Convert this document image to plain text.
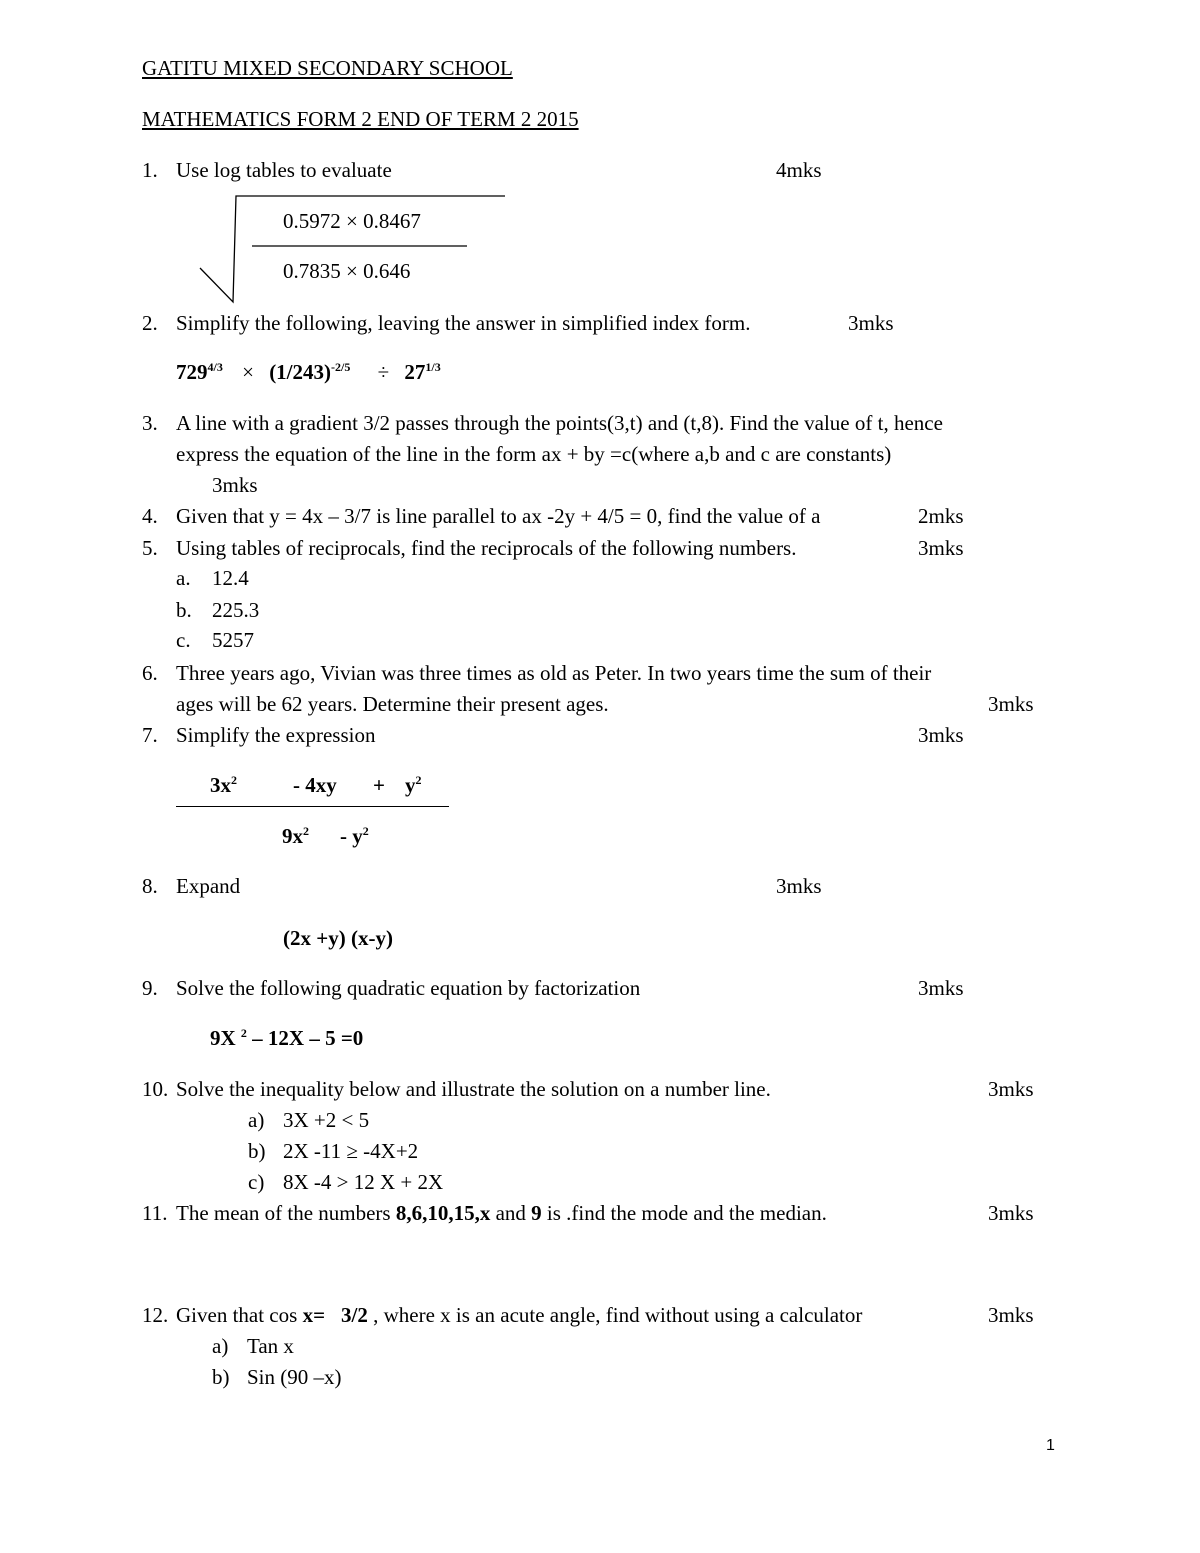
GATITU MIXED SECONDARY SCHOOL
MATHEMATICS FORM 2 END OF TERM 2 2015
1. Use log tables to evaluate	4mks
0.5972 × 0.8467
0.7835 × 0.646
2. Simplify the following, leaving the answer in simplified index form.	3mks
$729^{4/3} \times (1/243)^{-2/5} \div 27^{1/3}$
3. A line with a gradient 3/2 passes through the points(3,t) and (t,8). Find the value of t, hence
express the equation of the line in the form ax + by =c(where a,b and c are constants)
3mks
4. Given that y = 4x – 3/7 is line parallel to ax -2y + 4/5 = 0, find the value of a	2mks
5. Using tables of reciprocals, find the reciprocals of the following numbers.	3mks
a. 12.4
b. 225.3
c. 5257
6. Three years ago, Vivian was three times as old as Peter. In two years time the sum of their
ages will be 62 years. Determine their present ages.	3mks
7. Simplify the expression	3mks
$3x^2$	- $4xy + y^2$
$9x^2 - y^2$
8. Expand	3mks
(2x +y) (x-y)
9. Solve the following quadratic equation by factorization	3mks
9X $^2$ – 12X – 5 =0
10. Solve the inequality below and illustrate the solution on a number line.	3mks
a) 3X +2 < 5
b) 2X -11 ≥ -4X+2
c) 8X -4 > 12 X + 2X
11. The mean of the numbers 8,6,10,15,x and 9 is .find the mode and the median.	3mks
12. Given that cos x= 3/2 , where x is an acute angle, find without using a calculator	3mks
a) Tan x
b) Sin (90 –x)
1
